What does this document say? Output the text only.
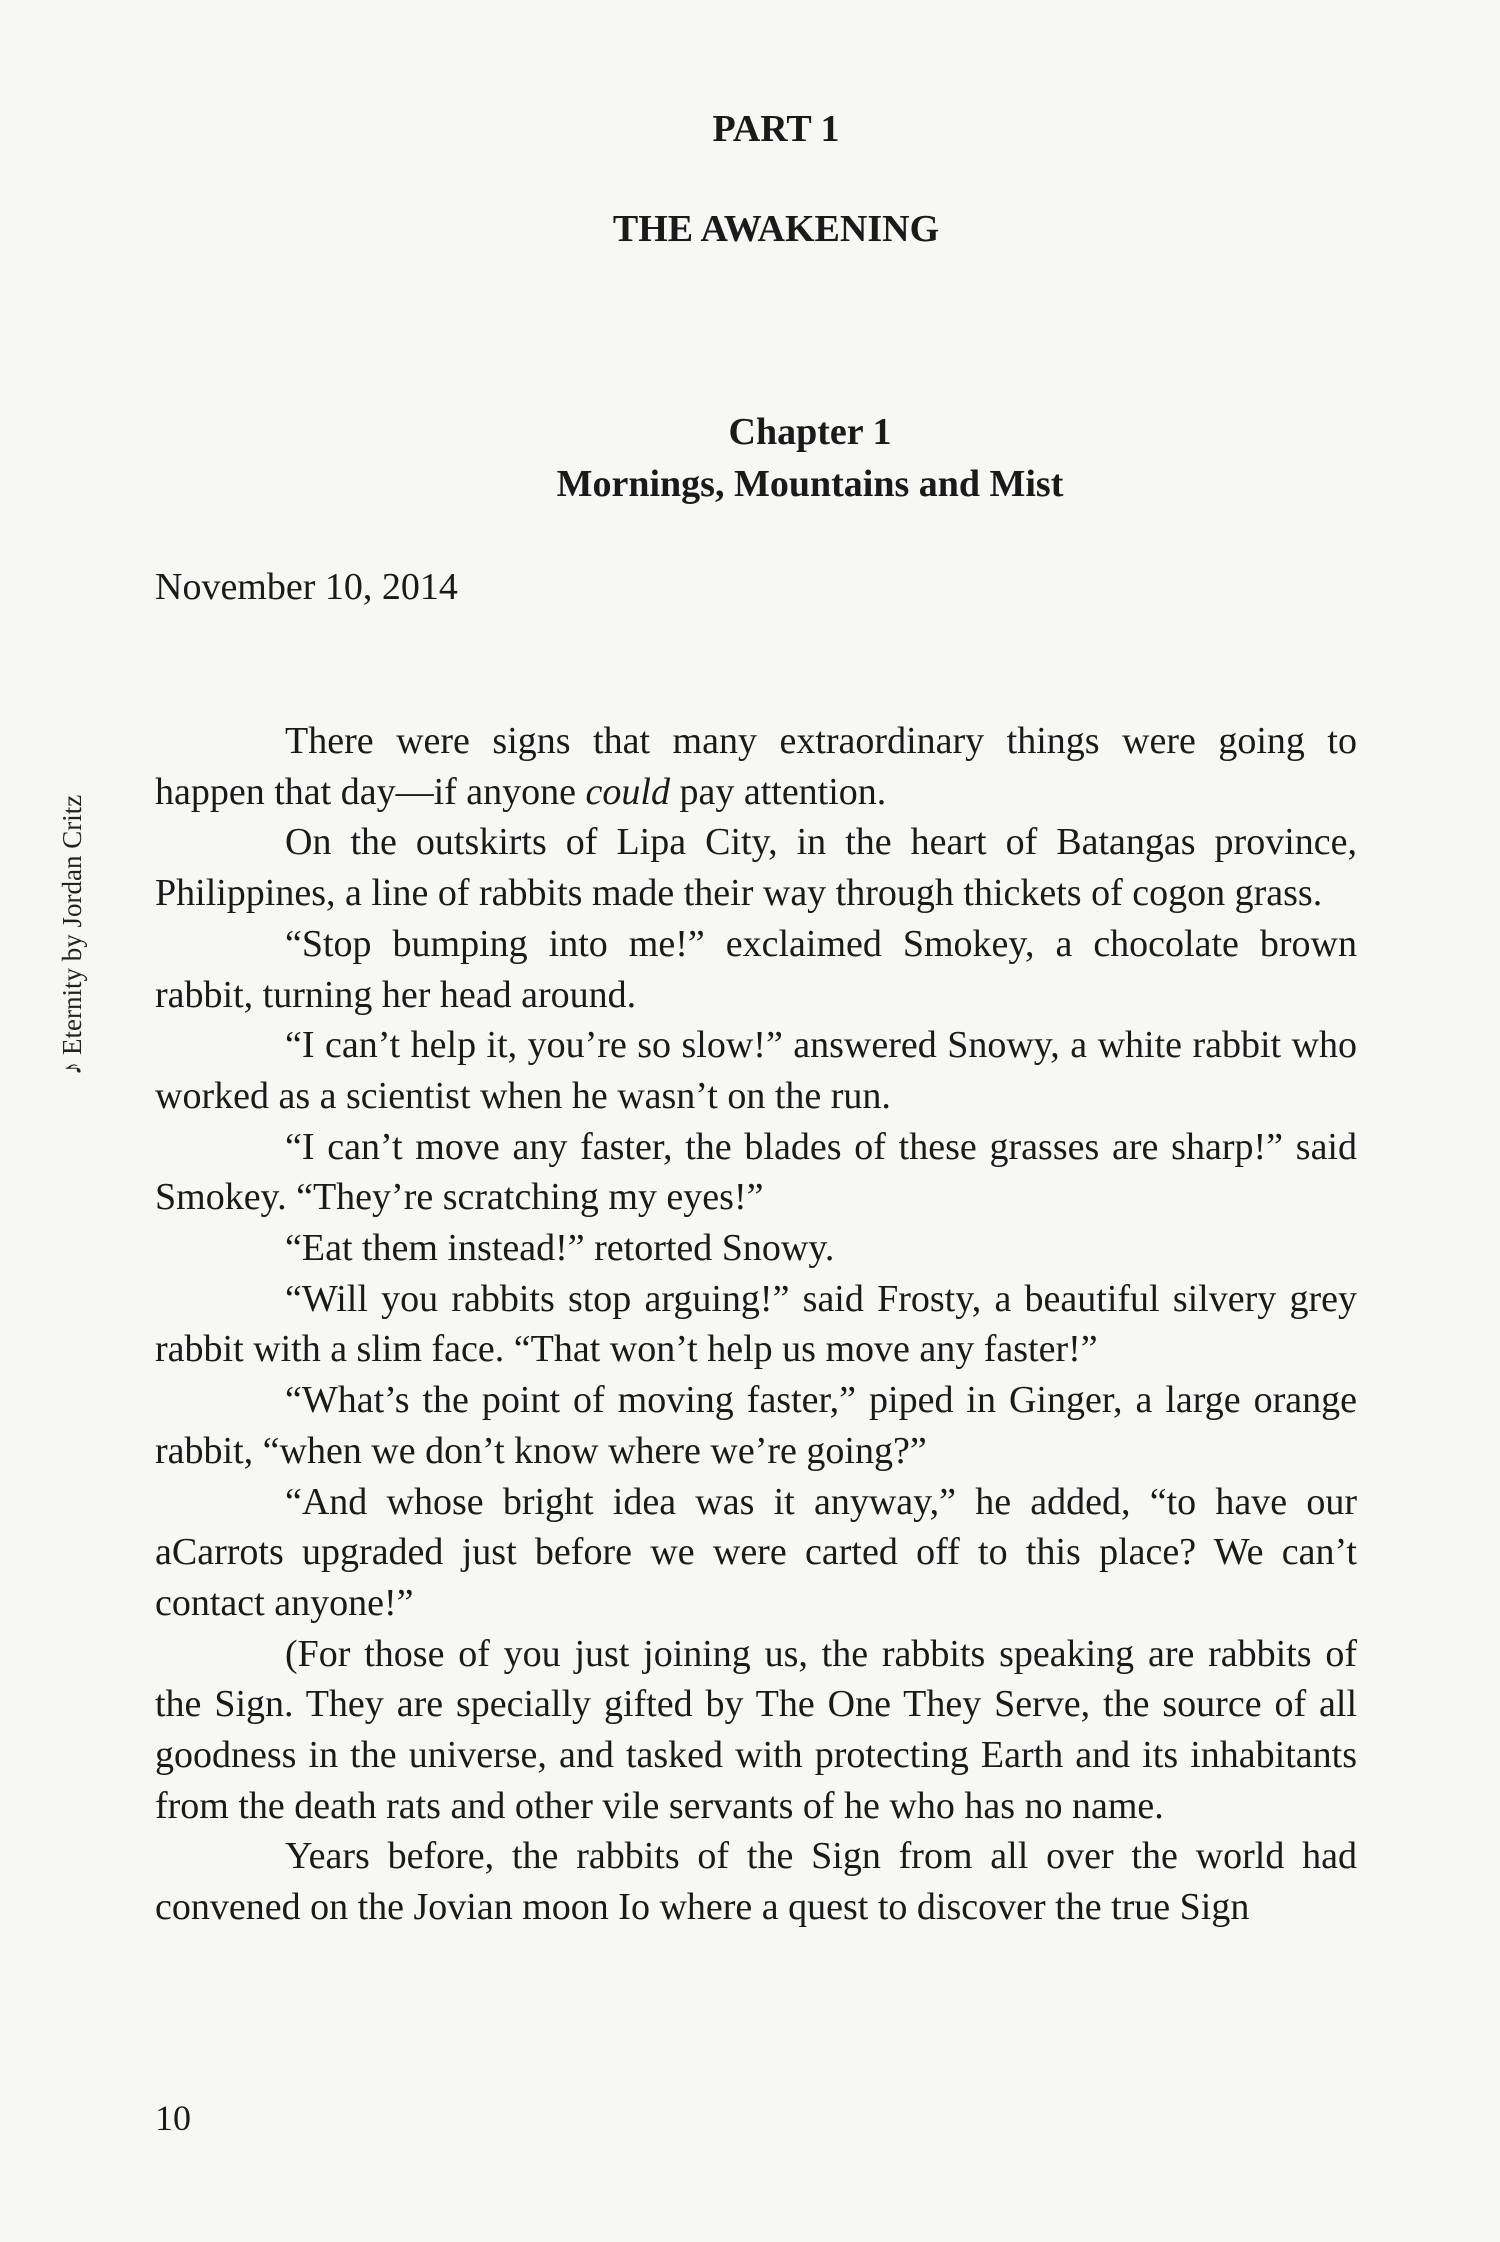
PART 1
THE AWAKENING
Chapter 1
Mornings, Mountains and Mist

November 10, 2014

There were signs that many extraordinary things were going to happen that day—if anyone could pay attention.

On the outskirts of Lipa City, in the heart of Batangas province, Philippines, a line of rabbits made their way through thickets of cogon grass.

“Stop bumping into me!” exclaimed Smokey, a chocolate brown rabbit, turning her head around.

“I can’t help it, you’re so slow!” answered Snowy, a white rabbit who worked as a scientist when he wasn’t on the run.

“I can’t move any faster, the blades of these grasses are sharp!” said Smokey. “They’re scratching my eyes!”

“Eat them instead!” retorted Snowy.

“Will you rabbits stop arguing!” said Frosty, a beautiful silvery grey rabbit with a slim face. “That won’t help us move any faster!”

“What’s the point of moving faster,” piped in Ginger, a large orange rabbit, “when we don’t know where we’re going?”

“And whose bright idea was it anyway,” he added, “to have our aCarrots upgraded just before we were carted off to this place? We can’t contact anyone!”

(For those of you just joining us, the rabbits speaking are rabbits of the Sign. They are specially gifted by The One They Serve, the source of all goodness in the universe, and tasked with protecting Earth and its inhabitants from the death rats and other vile servants of he who has no name.

Years before, the rabbits of the Sign from all over the world had convened on the Jovian moon Io where a quest to discover the true Sign

♪ Eternity by Jordan Critz

10
